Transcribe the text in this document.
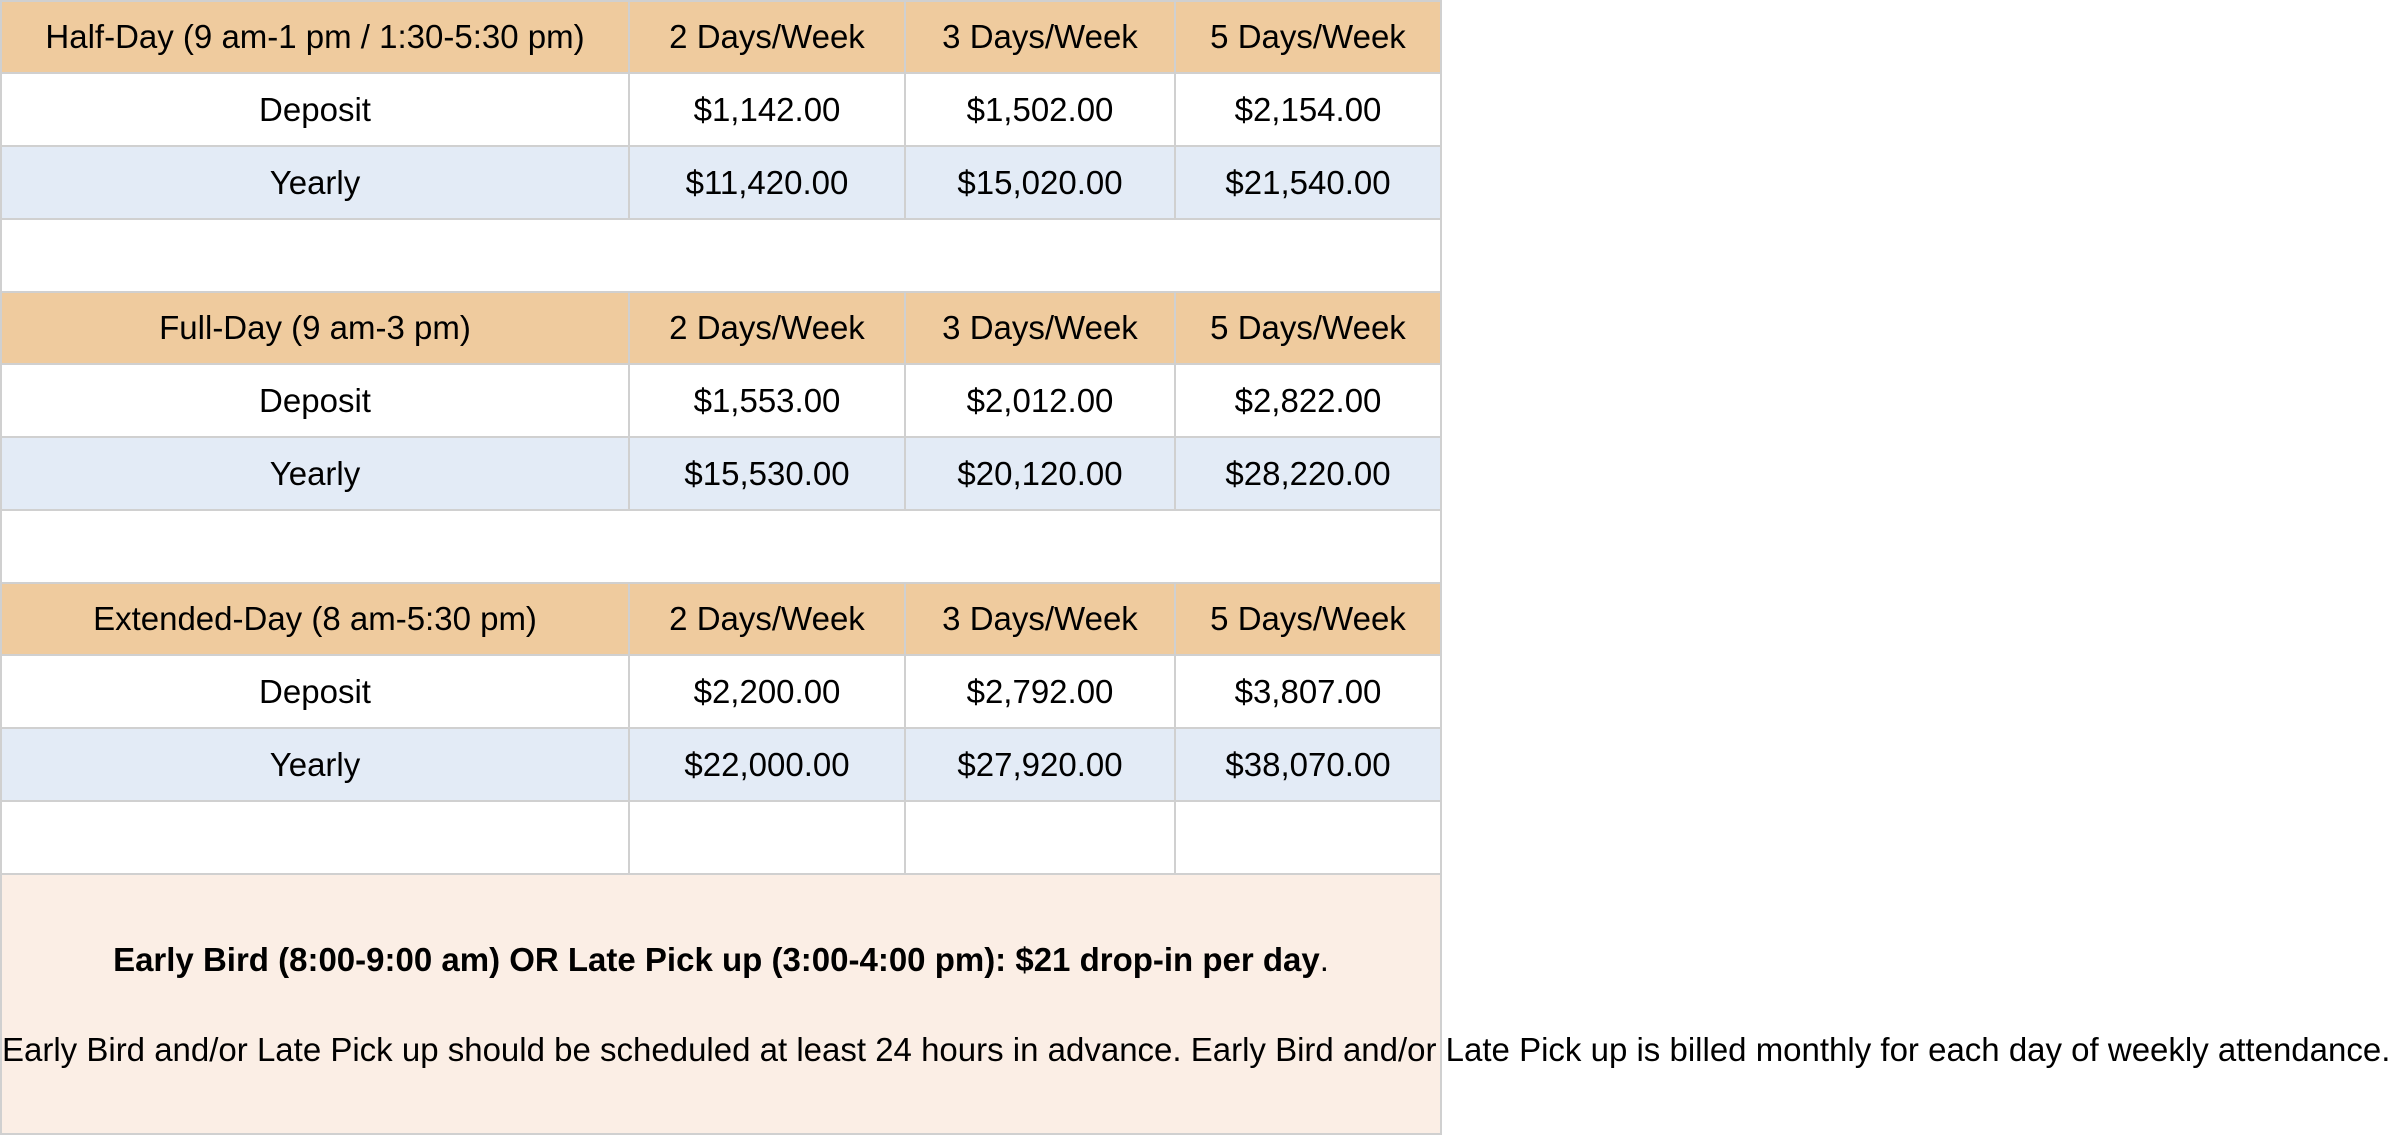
Half-Day (9 am-1 pm / 1:30-5:30 pm)	2 Days/Week	3 Days/Week	5 Days/Week
Deposit	$1,142.00	$1,502.00	$2,154.00
Yearly	$11,420.00	$15,020.00	$21,540.00

Full-Day (9 am-3 pm)	2 Days/Week	3 Days/Week	5 Days/Week
Deposit	$1,553.00	$2,012.00	$2,822.00
Yearly	$15,530.00	$20,120.00	$28,220.00

Extended-Day (8 am-5:30 pm)	2 Days/Week	3 Days/Week	5 Days/Week
Deposit	$2,200.00	$2,792.00	$3,807.00
Yearly	$22,000.00	$27,920.00	$38,070.00

Early Bird (8:00-9:00 am) OR Late Pick up (3:00-4:00 pm): $21 drop-in per day.

Early Bird and/or Late Pick up should be scheduled at least 24 hours in advance. Early Bird and/or Late Pick up is billed monthly for each day of weekly attendance.			
